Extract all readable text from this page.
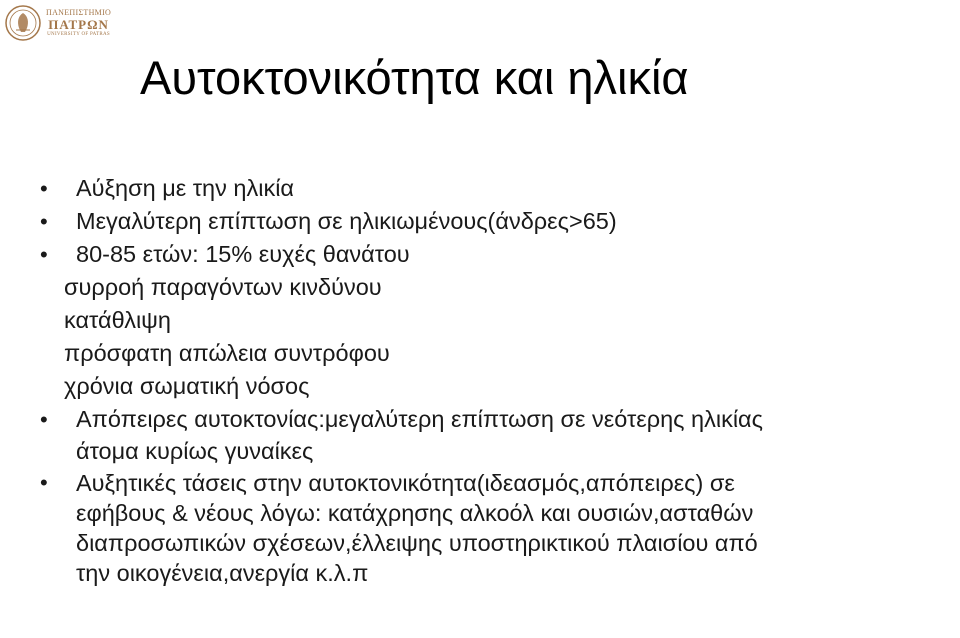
ΠΑΝΕΠΙΣΤΗΜΙΟ
ΠΑΤΡΩΝ
UNIVERSITY OF PATRAS
Αυτοκτονικότητα και ηλικία
• Αύξηση με την ηλικία
• Μεγαλύτερη επίπτωση σε ηλικιωμένους(άνδρες>65)
• 80-85 ετών: 15% ευχές θανάτου
συρροή παραγόντων κινδύνου
κατάθλιψη
πρόσφατη απώλεια συντρόφου
χρόνια σωματική νόσος
• Απόπειρες αυτοκτονίας:μεγαλύτερη επίπτωση σε νεότερης ηλικίας
άτομα κυρίως γυναίκες
• Αυξητικές τάσεις στην αυτοκτονικότητα(ιδεασμός,απόπειρες) σε
εφήβους & νέους λόγω: κατάχρησης αλκοόλ και ουσιών,ασταθών
διαπροσωπικών σχέσεων,έλλειψης υποστηρικτικού πλαισίου από
την οικογένεια,ανεργία κ.λ.π
